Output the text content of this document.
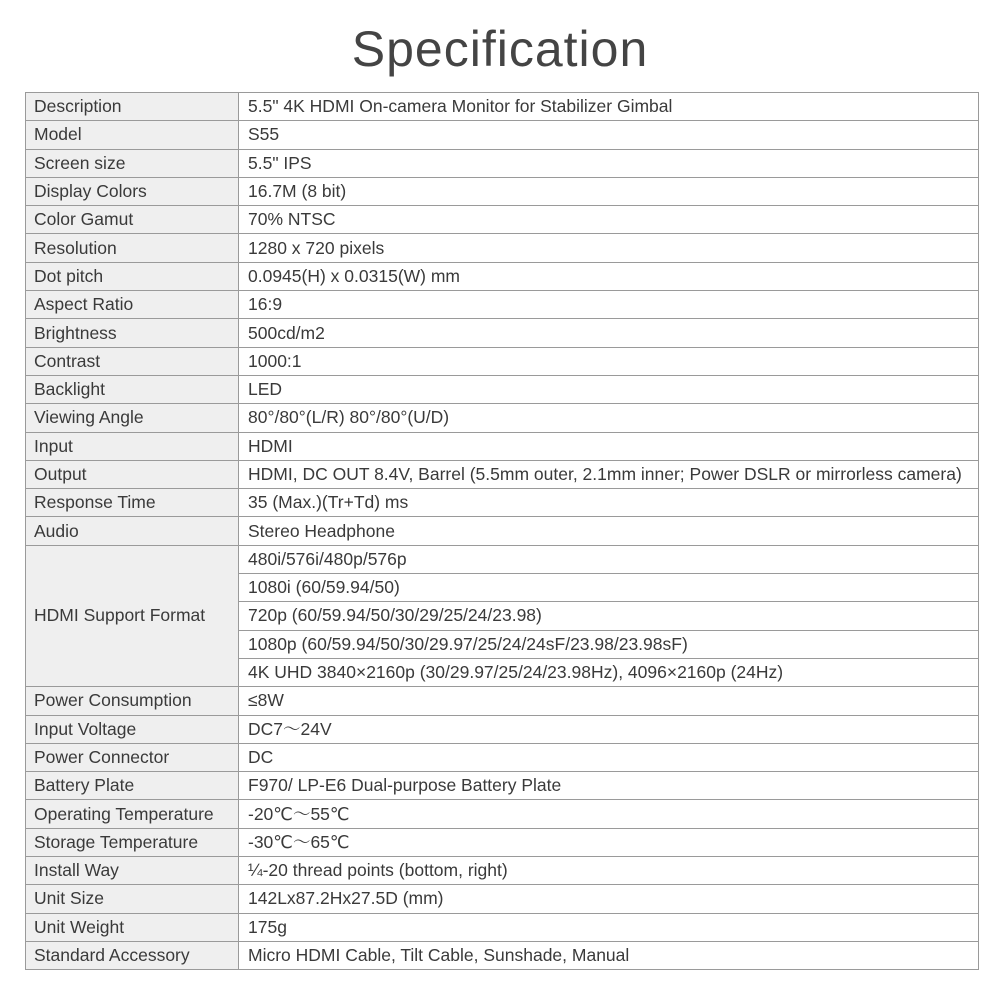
Specification
Description	5.5" 4K HDMI On-camera Monitor for Stabilizer Gimbal
Model	S55
Screen size	5.5" IPS
Display Colors	16.7M (8 bit)
Color Gamut	70% NTSC
Resolution	1280 x 720 pixels
Dot pitch	0.0945(H) x 0.0315(W) mm
Aspect Ratio	16:9
Brightness	500cd/m2
Contrast	1000:1
Backlight	LED
Viewing Angle	80°/80°(L/R) 80°/80°(U/D)
Input	HDMI
Output	HDMI, DC OUT 8.4V, Barrel (5.5mm outer, 2.1mm inner; Power DSLR or mirrorless camera)
Response Time	35 (Max.)(Tr+Td) ms
Audio	Stereo Headphone
HDMI Support Format	480i/576i/480p/576p
	1080i (60/59.94/50)
	720p (60/59.94/50/30/29/25/24/23.98)
	1080p (60/59.94/50/30/29.97/25/24/24sF/23.98/23.98sF)
	4K UHD 3840×2160p (30/29.97/25/24/23.98Hz), 4096×2160p (24Hz)
Power Consumption	≤8W
Input Voltage	DC7～24V
Power Connector	DC
Battery Plate	F970/ LP-E6 Dual-purpose Battery Plate
Operating Temperature	-20℃～55℃
Storage Temperature	-30℃～65℃
Install Way	¼-20 thread points (bottom, right)
Unit Size	142Lx87.2Hx27.5D (mm)
Unit Weight	175g
Standard Accessory	Micro HDMI Cable, Tilt Cable, Sunshade, Manual
